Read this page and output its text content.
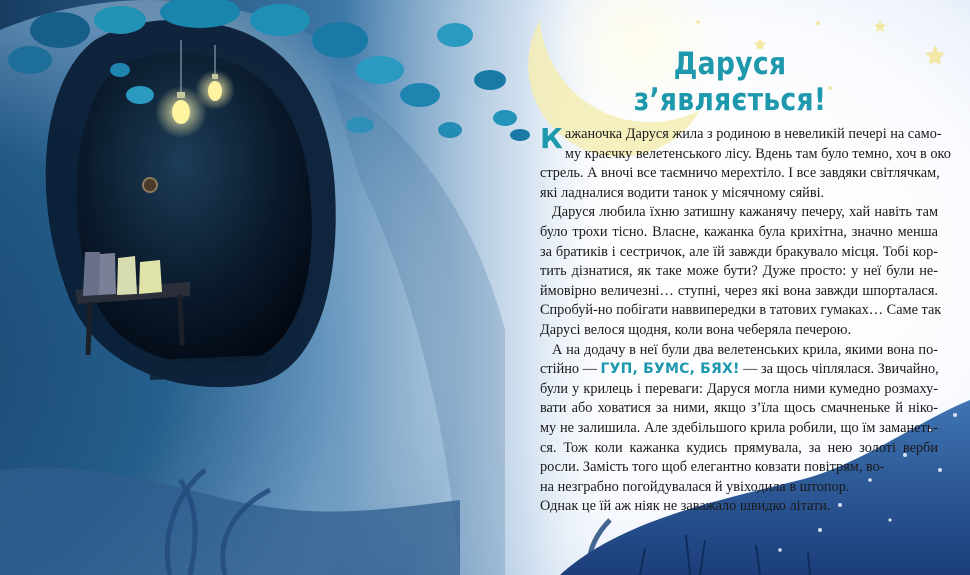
Даруся з’являється!
Кажаночка Даруся жила з родиною в невеликій печері на само-
му краєчку велетенського лісу. Вдень там було темно, хоч в око
стрель. А вночі все таємничо мерехтіло. І все завдяки світлячкам,
які ладналися водити танок у місячному сяйві.
Даруся любила їхню затишну кажанячу печеру, хай навіть там
було трохи тісно. Власне, кажанка була крихітна, значно менша
за братиків і сестричок, але їй завжди бракувало місця. Тобі кор-
тить дізнатися, як таке може бути? Дуже просто: у неї були не-
ймовірно величезні… ступні, через які вона завжди шпорталася.
Спробуй-но побігати наввипередки в татових гумаках… Саме так
Дарусі велося щодня, коли вона чеберяла печерою.
А на додачу в неї були два велетенських крила, якими вона по-
стійно — ГУП, БУМС, БЯХ! — за щось чіплялася. Звичайно,
були у крилець і переваги: Даруся могла ними кумедно розмаху-
вати або ховатися за ними, якщо з’їла щось смачненьке й ніко-
му не залишила. Але здебільшого крила робили, що їм заманеть-
ся. Тож коли кажанка кудись прямувала, за нею золоті верби
росли. Замість того щоб елегантно ковзати повітрям, во-
на незграбно погойдувалася й увіходила в штопор.
Однак це їй аж ніяк не заважало швидко літати.
